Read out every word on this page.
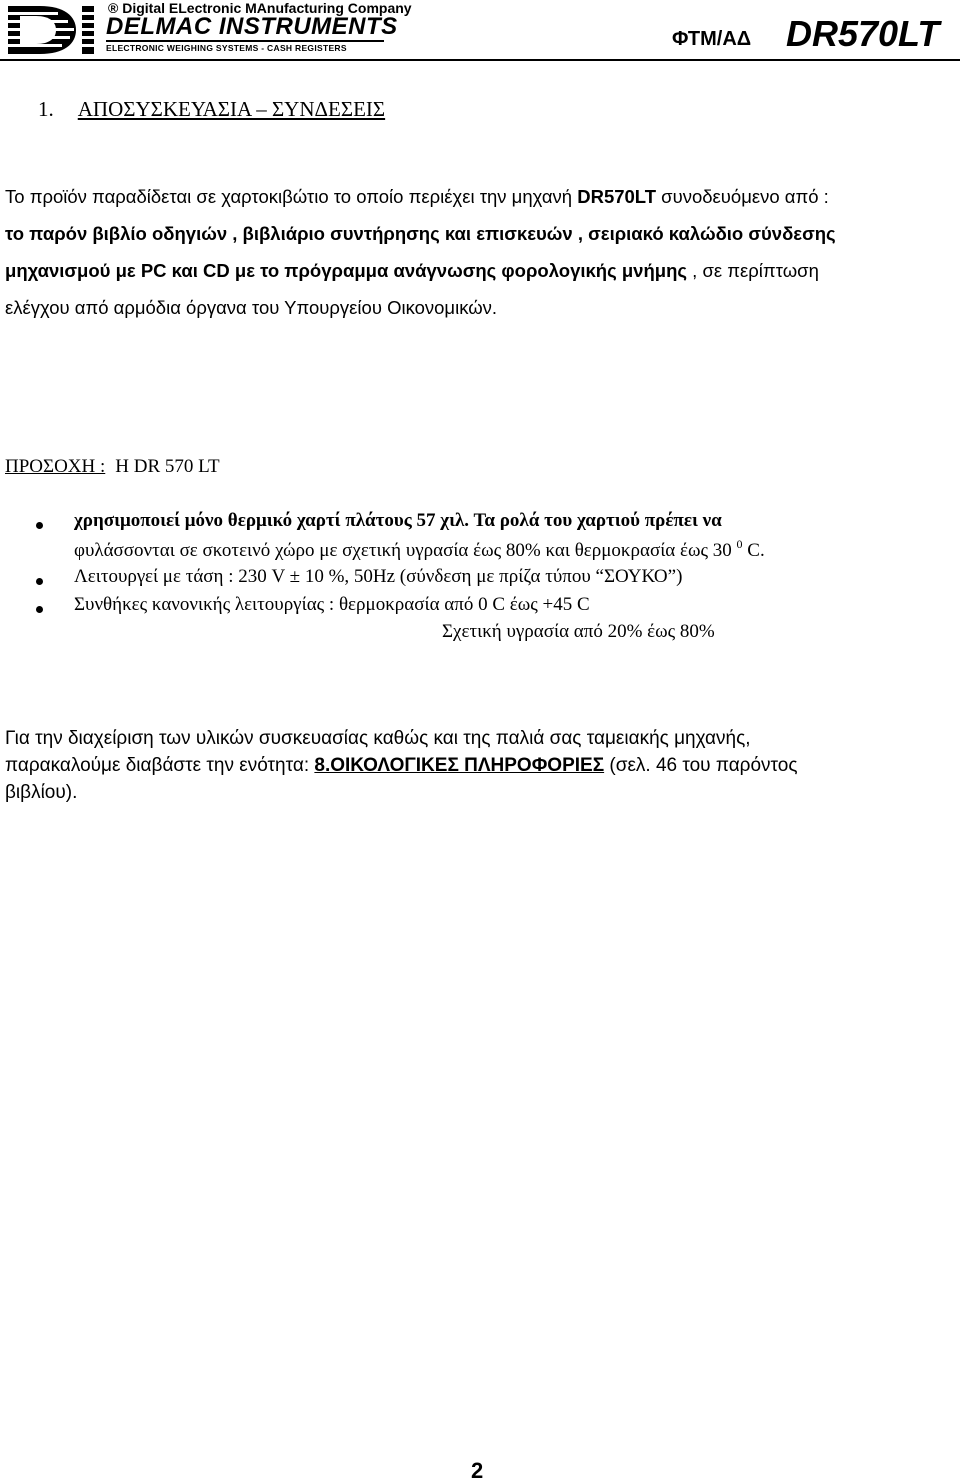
® Digital ELectronic MAnufacturing Company
DELMAC INSTRUMENTS
ELECTRONIC WEIGHING SYSTEMS - CASH REGISTERS	ΦΤΜ/ΑΔ DR570LT
1. ΑΠΟΣΥΣΚΕΥΑΣΙΑ – ΣΥΝΔΕΣΕΙΣ
Το προϊόν παραδίδεται σε χαρτοκιβώτιο το οποίο περιέχει την μηχανή DR570LT συνοδευόμενο από :
το παρόν βιβλίο οδηγιών , βιβλιάριο συντήρησης και επισκευών , σειριακό καλώδιο σύνδεσης
μηχανισμού με PC και CD με το πρόγραμμα ανάγνωσης φορολογικής μνήμης , σε περίπτωση
ελέγχου από αρμόδια όργανα του Υπουργείου Οικονομικών.
ΠΡΟΣΟΧΗ : Η DR 570 LT
χρησιμοποιεί μόνο θερμικό χαρτί πλάτους 57 χιλ. Τα ρολά του χαρτιού πρέπει να
φυλάσσονται σε σκοτεινό χώρο με σχετική υγρασία έως 80% και θερμοκρασία έως 30 $^0$ C.
Λειτουργεί με τάση : 230 V ± 10 %, 50Hz (σύνδεση με πρίζα τύπου “ΣΟΥΚΟ”)
Συνθήκες κανονικής λειτουργίας : θερμοκρασία από 0 C έως +45 C
Σχετική υγρασία από 20% έως 80%
Για την διαχείριση των υλικών συσκευασίας καθώς και της παλιά σας ταμειακής μηχανής,
παρακαλούμε διαβάστε την ενότητα: 8.ΟΙΚΟΛΟΓΙΚΕΣ ΠΛΗΡΟΦΟΡΙΕΣ (σελ. 46 του παρόντος
βιβλίου).
2
